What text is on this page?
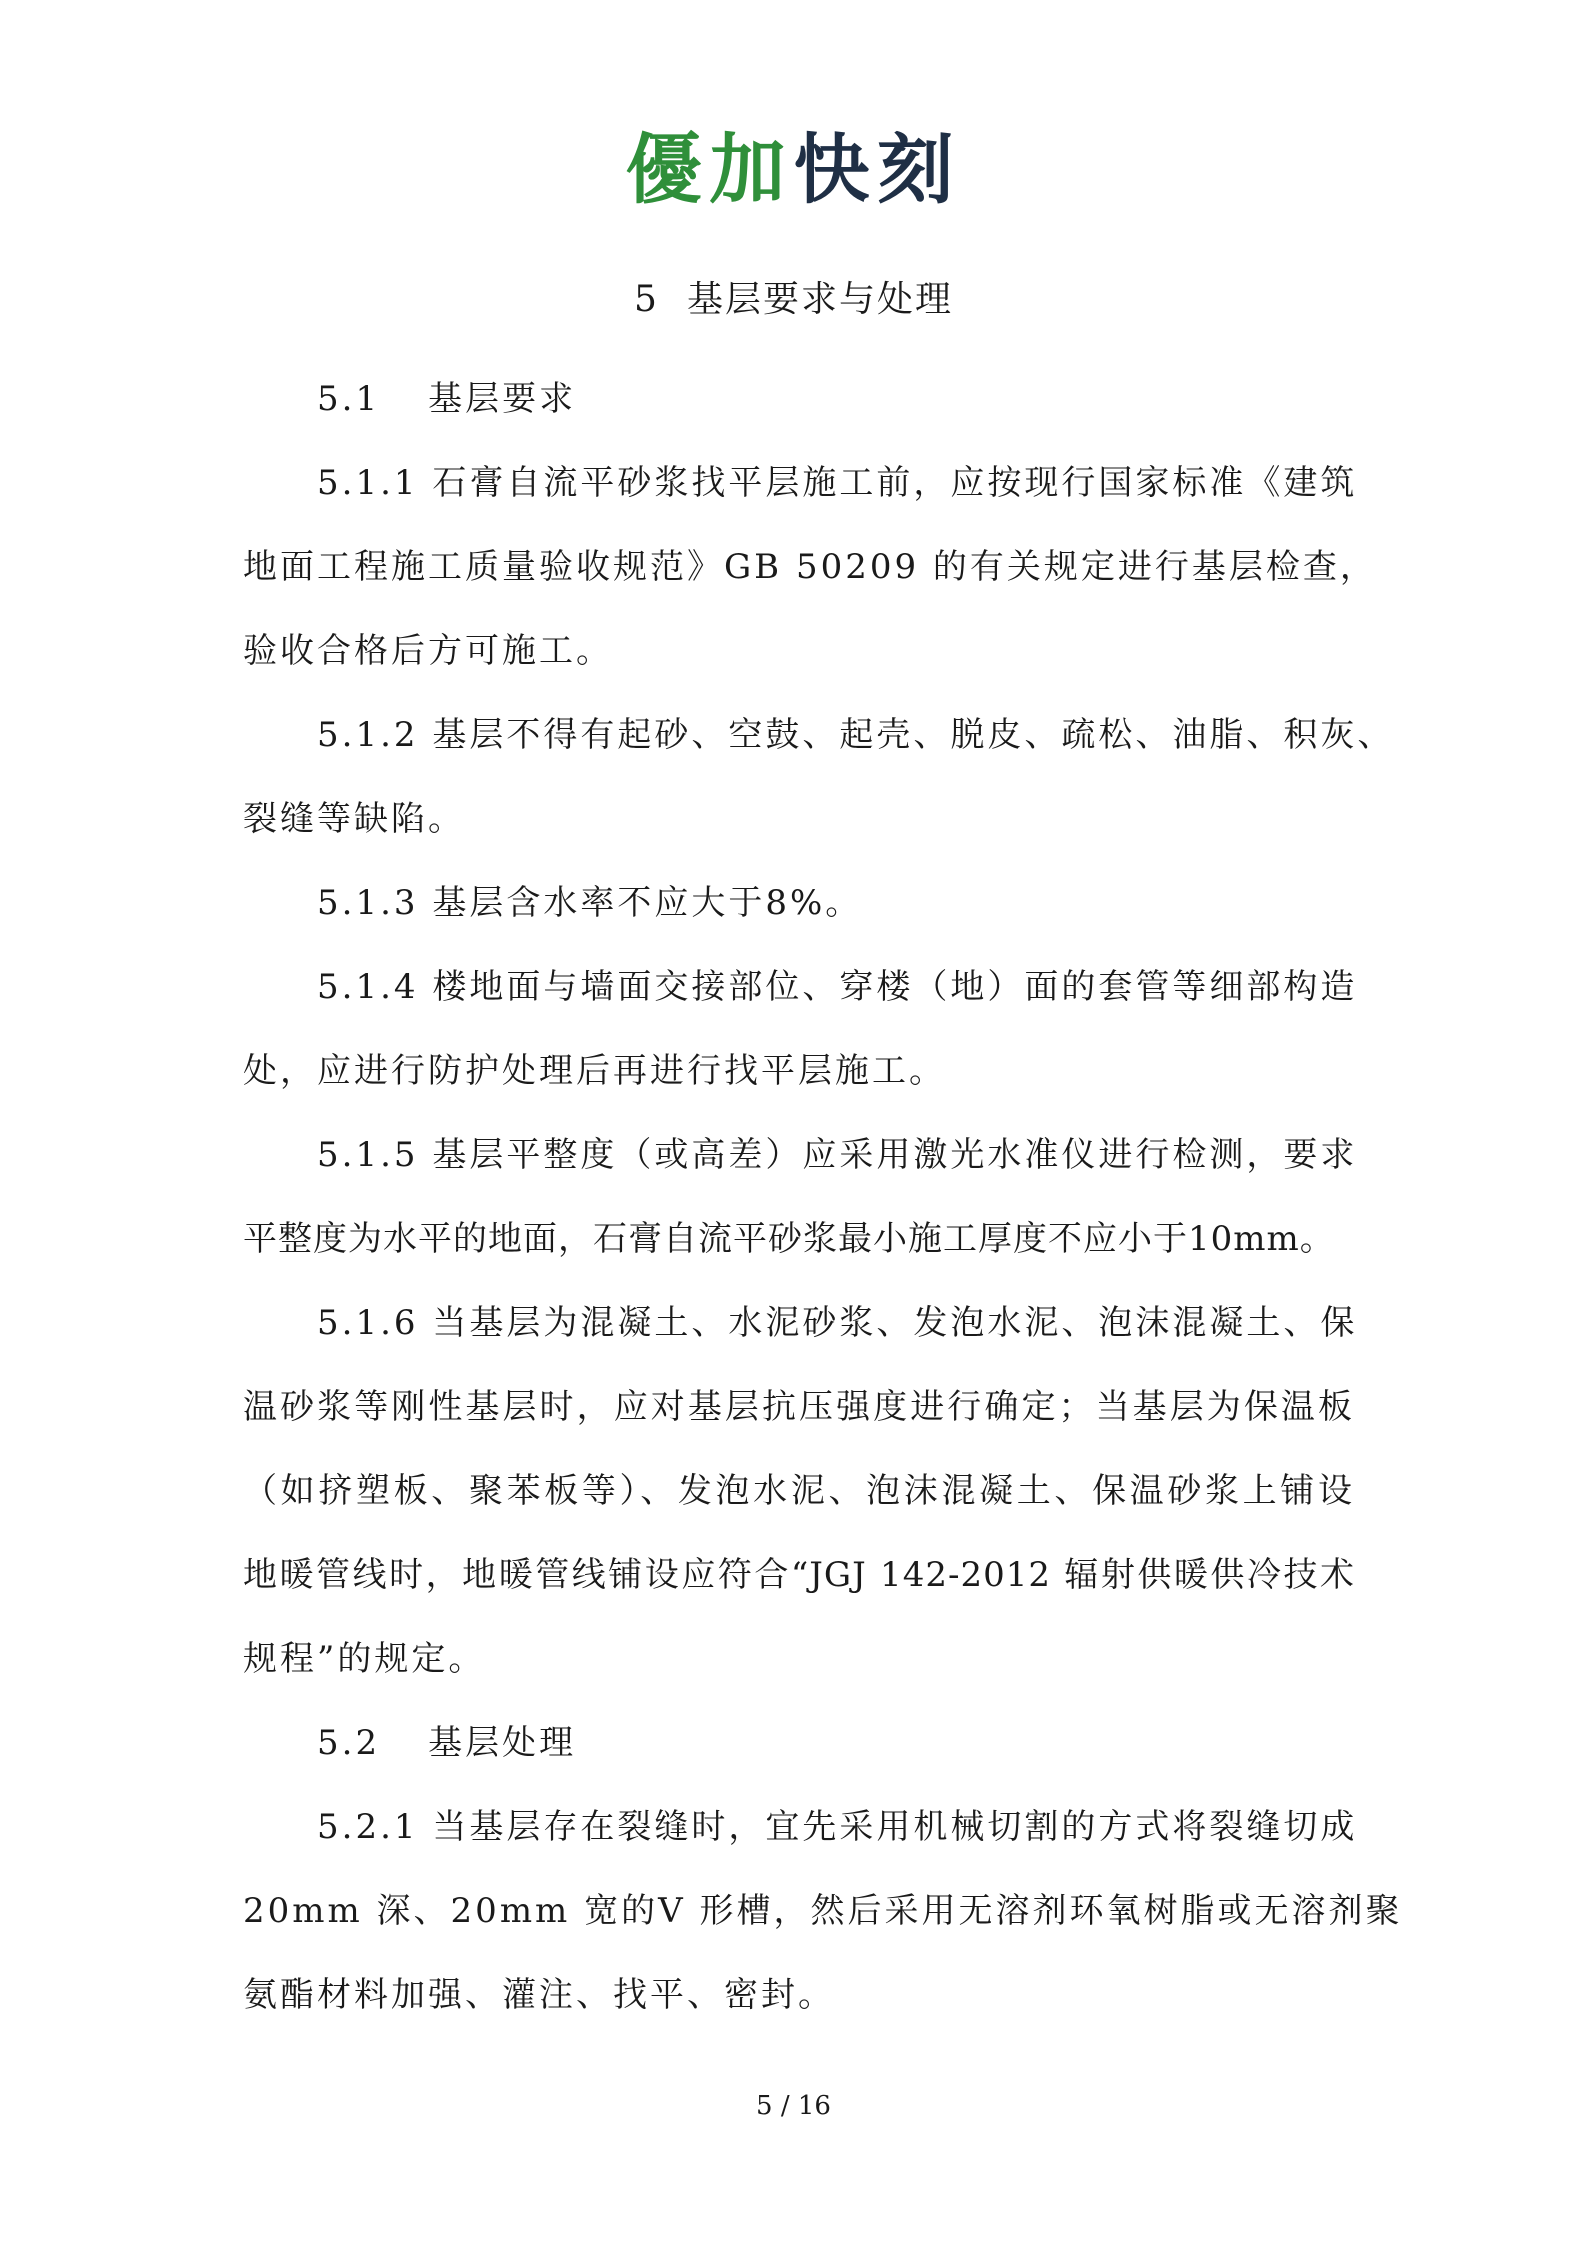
優加快刻
5 基层要求与处理
5.1 基层要求
5.1.1 石膏自流平砂浆找平层施工前，应按现行国家标准《建筑
地面工程施工质量验收规范》GB 50209 的有关规定进行基层检查，
验收合格后方可施工。
5.1.2 基层不得有起砂、空鼓、起壳、脱皮、疏松、油脂、积灰、
裂缝等缺陷。
5.1.3 基层含水率不应大于8%。
5.1.4 楼地面与墙面交接部位、穿楼（地）面的套管等细部构造
处，应进行防护处理后再进行找平层施工。
5.1.5 基层平整度（或高差）应采用激光水准仪进行检测，要求
平整度为水平的地面，石膏自流平砂浆最小施工厚度不应小于10mm。
5.1.6 当基层为混凝土、水泥砂浆、发泡水泥、泡沫混凝土、保
温砂浆等刚性基层时，应对基层抗压强度进行确定；当基层为保温板
（如挤塑板、聚苯板等）、发泡水泥、泡沫混凝土、保温砂浆上铺设
地暖管线时，地暖管线铺设应符合“JGJ 142-2012 辐射供暖供冷技术
规程”的规定。
5.2 基层处理
5.2.1 当基层存在裂缝时，宜先采用机械切割的方式将裂缝切成
20mm 深、20mm 宽的V 形槽，然后采用无溶剂环氧树脂或无溶剂聚
氨酯材料加强、灌注、找平、密封。
5 / 16
